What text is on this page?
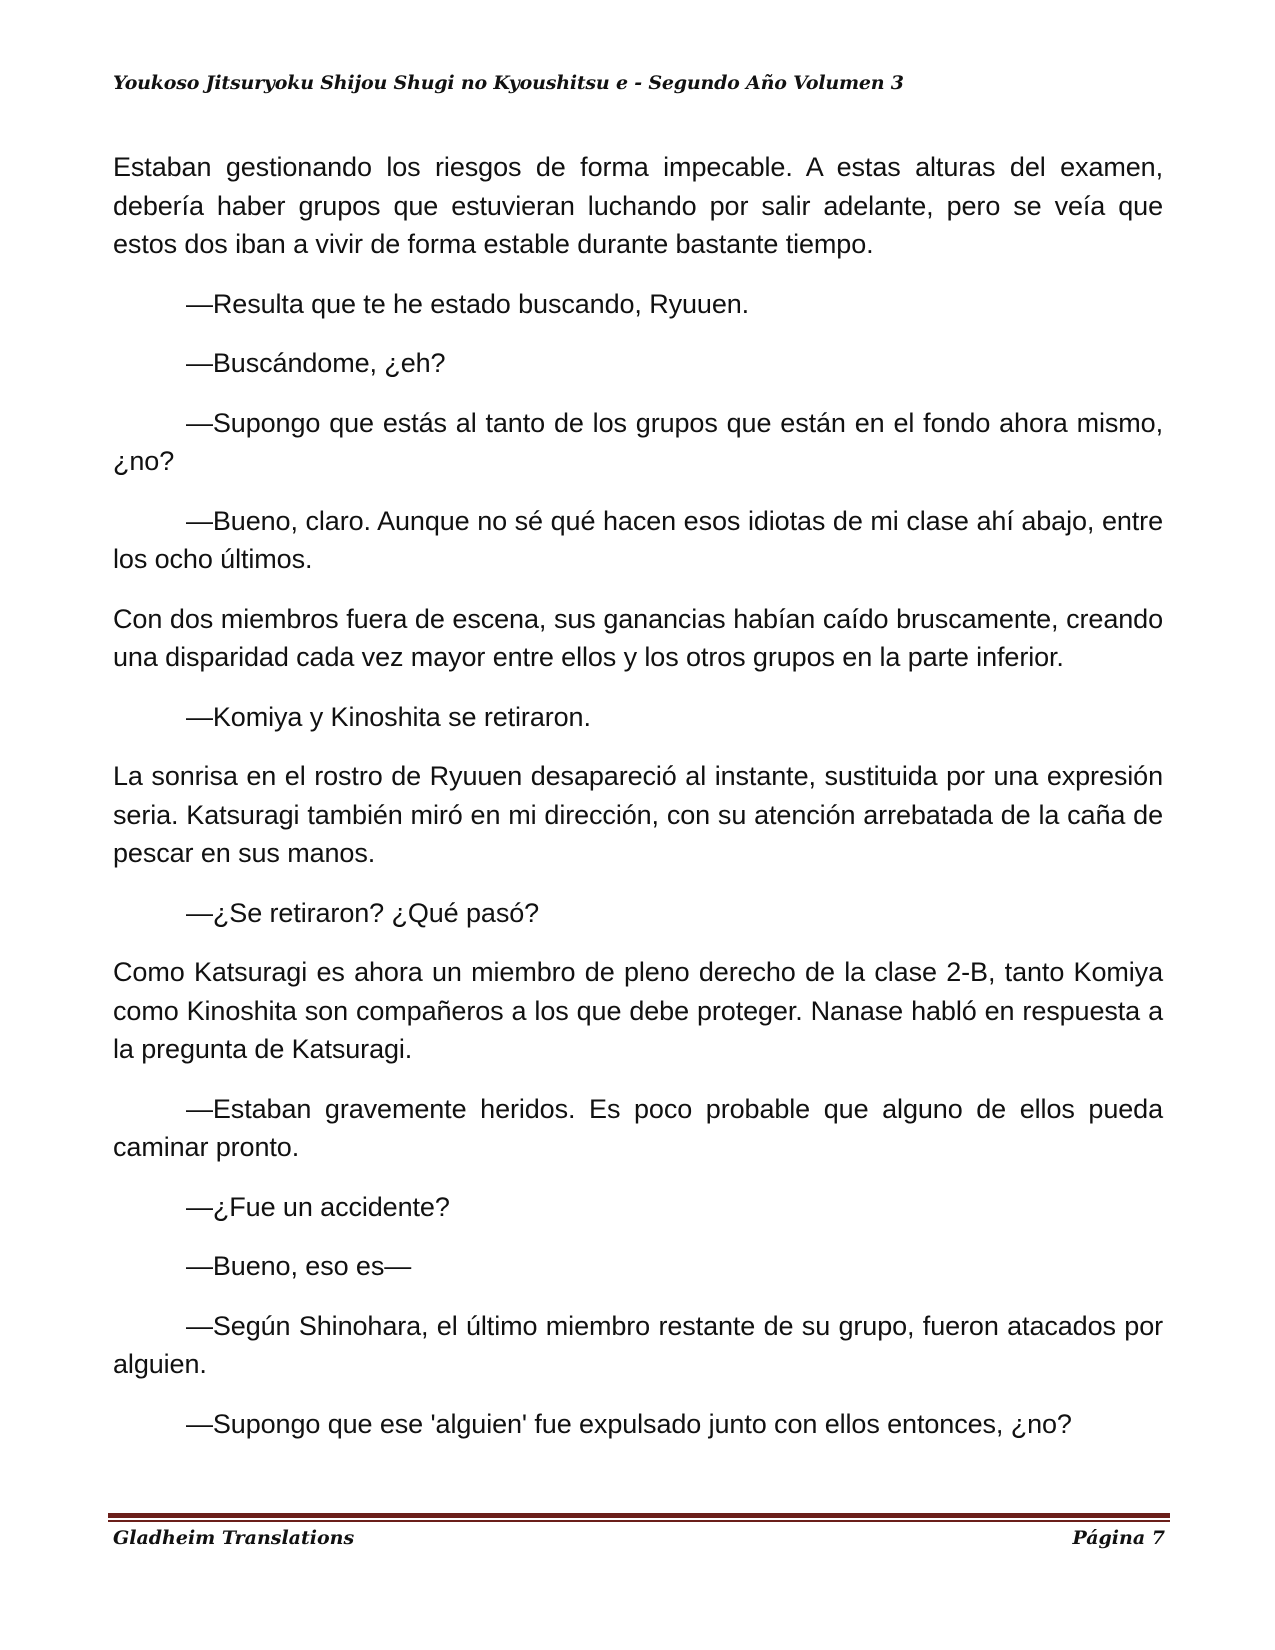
Youkoso Jitsuryoku Shijou Shugi no Kyoushitsu e - Segundo Año Volumen 3

Estaban gestionando los riesgos de forma impecable. A estas alturas del examen, debería haber grupos que estuvieran luchando por salir adelante, pero se veía que estos dos iban a vivir de forma estable durante bastante tiempo.

—Resulta que te he estado buscando, Ryuuen.

—Buscándome, ¿eh?

—Supongo que estás al tanto de los grupos que están en el fondo ahora mismo, ¿no?

—Bueno, claro. Aunque no sé qué hacen esos idiotas de mi clase ahí abajo, entre los ocho últimos.

Con dos miembros fuera de escena, sus ganancias habían caído bruscamente, creando una disparidad cada vez mayor entre ellos y los otros grupos en la parte inferior.

—Komiya y Kinoshita se retiraron.

La sonrisa en el rostro de Ryuuen desapareció al instante, sustituida por una expresión seria. Katsuragi también miró en mi dirección, con su atención arrebatada de la caña de pescar en sus manos.

—¿Se retiraron? ¿Qué pasó?

Como Katsuragi es ahora un miembro de pleno derecho de la clase 2-B, tanto Komiya como Kinoshita son compañeros a los que debe proteger. Nanase habló en respuesta a la pregunta de Katsuragi.

—Estaban gravemente heridos. Es poco probable que alguno de ellos pueda caminar pronto.

—¿Fue un accidente?

—Bueno, eso es—

—Según Shinohara, el último miembro restante de su grupo, fueron atacados por alguien.

—Supongo que ese 'alguien' fue expulsado junto con ellos entonces, ¿no?

Gladheim Translations	Página 7
